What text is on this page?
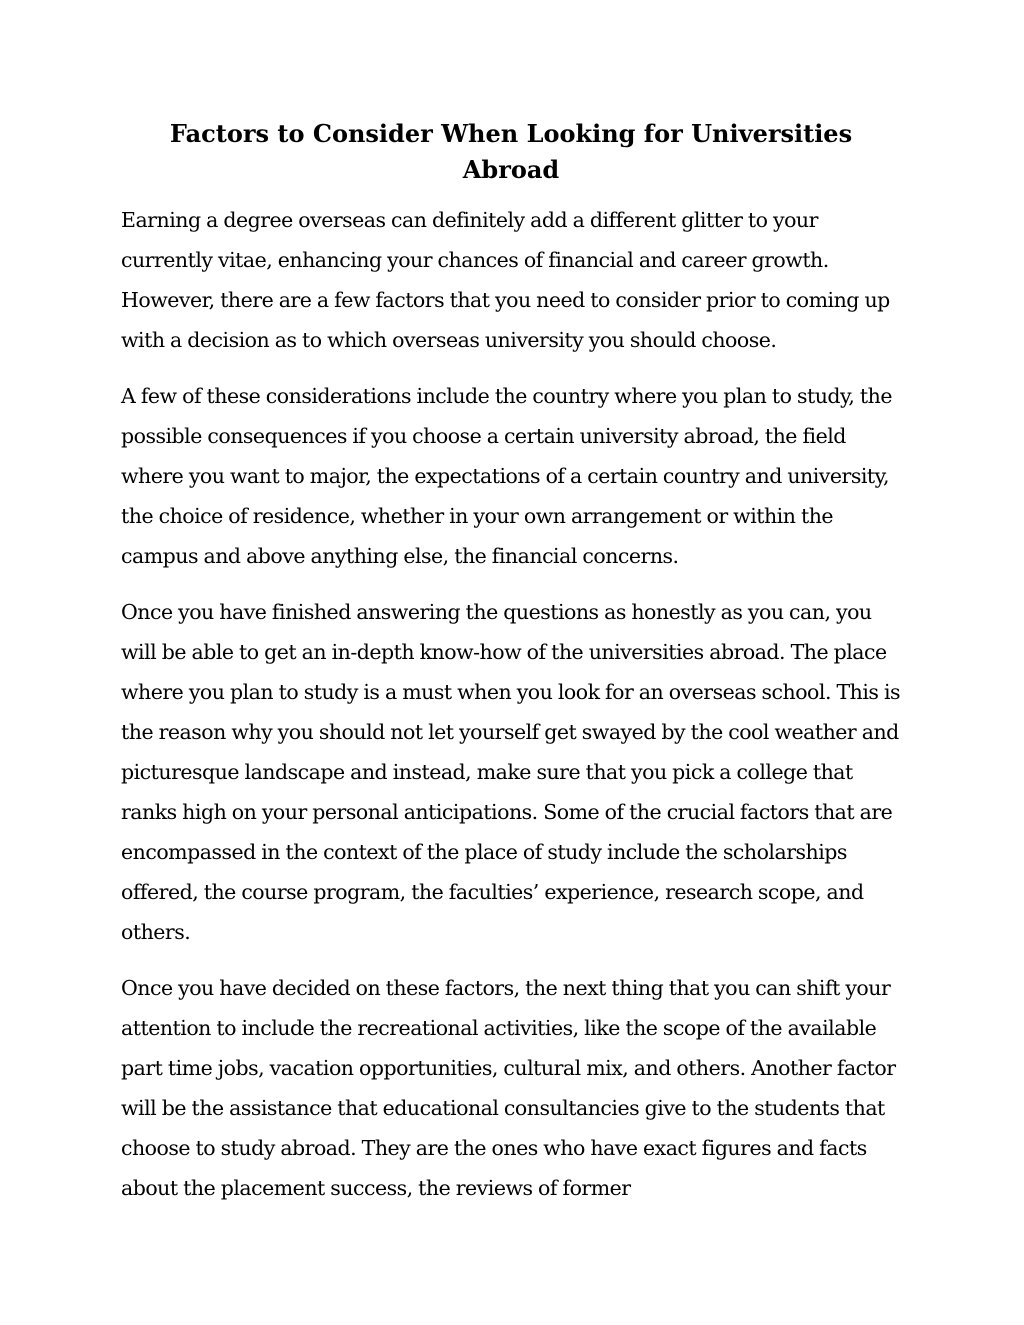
Factors to Consider When Looking for Universities Abroad

Earning a degree overseas can definitely add a different glitter to your currently vitae, enhancing your chances of financial and career growth. However, there are a few factors that you need to consider prior to coming up with a decision as to which overseas university you should choose.

A few of these considerations include the country where you plan to study, the possible consequences if you choose a certain university abroad, the field where you want to major, the expectations of a certain country and university, the choice of residence, whether in your own arrangement or within the campus and above anything else, the financial concerns.

Once you have finished answering the questions as honestly as you can, you will be able to get an in-depth know-how of the universities abroad. The place where you plan to study is a must when you look for an overseas school. This is the reason why you should not let yourself get swayed by the cool weather and picturesque landscape and instead, make sure that you pick a college that ranks high on your personal anticipations. Some of the crucial factors that are encompassed in the context of the place of study include the scholarships offered, the course program, the faculties’ experience, research scope, and others.

Once you have decided on these factors, the next thing that you can shift your attention to include the recreational activities, like the scope of the available part time jobs, vacation opportunities, cultural mix, and others. Another factor will be the assistance that educational consultancies give to the students that choose to study abroad. They are the ones who have exact figures and facts about the placement success, the reviews of former
